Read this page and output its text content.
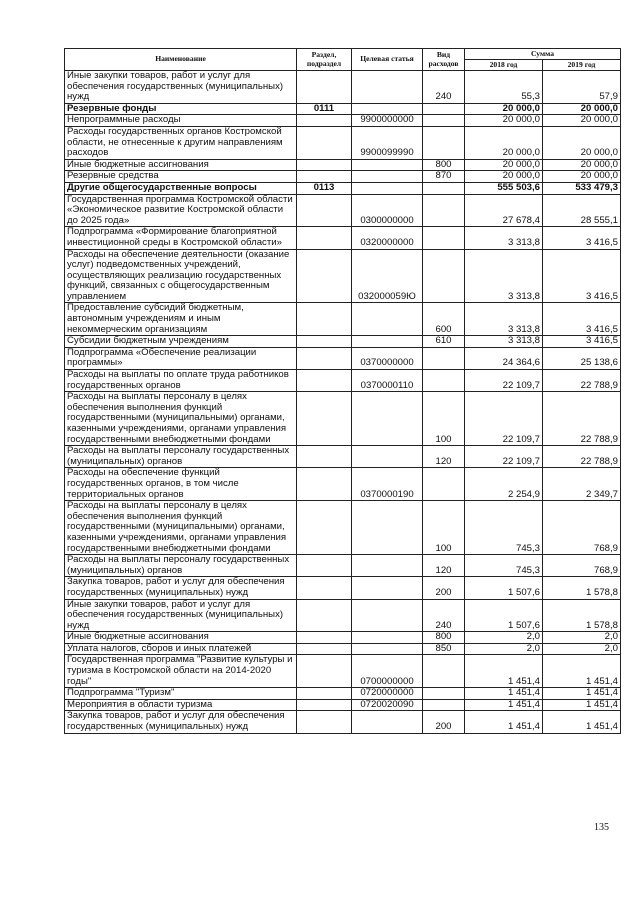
Наименование	Раздел, подраздел	Целевая статья	Вид расходов	Сумма	
				2018 год	2019 год
Иные закупки товаров, работ и услуг для обеспечения государственных (муниципальных) нужд			240	55,3	57,9
Резервные фонды	0111			20 000,0	20 000,0
Непрограммные расходы		9900000000		20 000,0	20 000,0
Расходы государственных органов Костромской области, не отнесенные к другим направлениям расходов		9900099990		20 000,0	20 000,0
Иные бюджетные ассигнования			800	20 000,0	20 000,0
Резервные средства			870	20 000,0	20 000,0
Другие общегосударственные вопросы	0113			555 503,6	533 479,3
Государственная программа Костромской области «Экономическое развитие Костромской области до 2025 года»		0300000000		27 678,4	28 555,1
Подпрограмма «Формирование благоприятной инвестиционной среды в Костромской области»		0320000000		3 313,8	3 416,5
Расходы на обеспечение деятельности (оказание услуг) подведомственных учреждений, осуществляющих реализацию государственных функций, связанных с общегосударственным управлением		032000059Ю		3 313,8	3 416,5
Предоставление субсидий бюджетным, автономным учреждениям и иным некоммерческим организациям			600	3 313,8	3 416,5
Субсидии бюджетным учреждениям			610	3 313,8	3 416,5
Подпрограмма «Обеспечение реализации программы»		0370000000		24 364,6	25 138,6
Расходы на выплаты по оплате труда работников государственных органов		0370000110		22 109,7	22 788,9
Расходы на выплаты персоналу в целях обеспечения выполнения функций государственными (муниципальными) органами, казенными учреждениями, органами управления государственными внебюджетными фондами			100	22 109,7	22 788,9
Расходы на выплаты персоналу государственных (муниципальных) органов			120	22 109,7	22 788,9
Расходы на обеспечение функций государственных органов, в том числе территориальных органов		0370000190		2 254,9	2 349,7
Расходы на выплаты персоналу в целях обеспечения выполнения функций государственными (муниципальными) органами, казенными учреждениями, органами управления государственными внебюджетными фондами			100	745,3	768,9
Расходы на выплаты персоналу государственных (муниципальных) органов			120	745,3	768,9
Закупка товаров, работ и услуг для обеспечения государственных (муниципальных) нужд			200	1 507,6	1 578,8
Иные закупки товаров, работ и услуг для обеспечения государственных (муниципальных) нужд			240	1 507,6	1 578,8
Иные бюджетные ассигнования			800	2,0	2,0
Уплата налогов, сборов и иных платежей			850	2,0	2,0
Государственная программа "Развитие культуры и туризма в Костромской области на 2014-2020 годы"		0700000000		1 451,4	1 451,4
Подпрограмма "Туризм"		0720000000		1 451,4	1 451,4
Мероприятия в области туризма		0720020090		1 451,4	1 451,4
Закупка товаров, работ и услуг для обеспечения государственных (муниципальных) нужд			200	1 451,4	1 451,4
135
